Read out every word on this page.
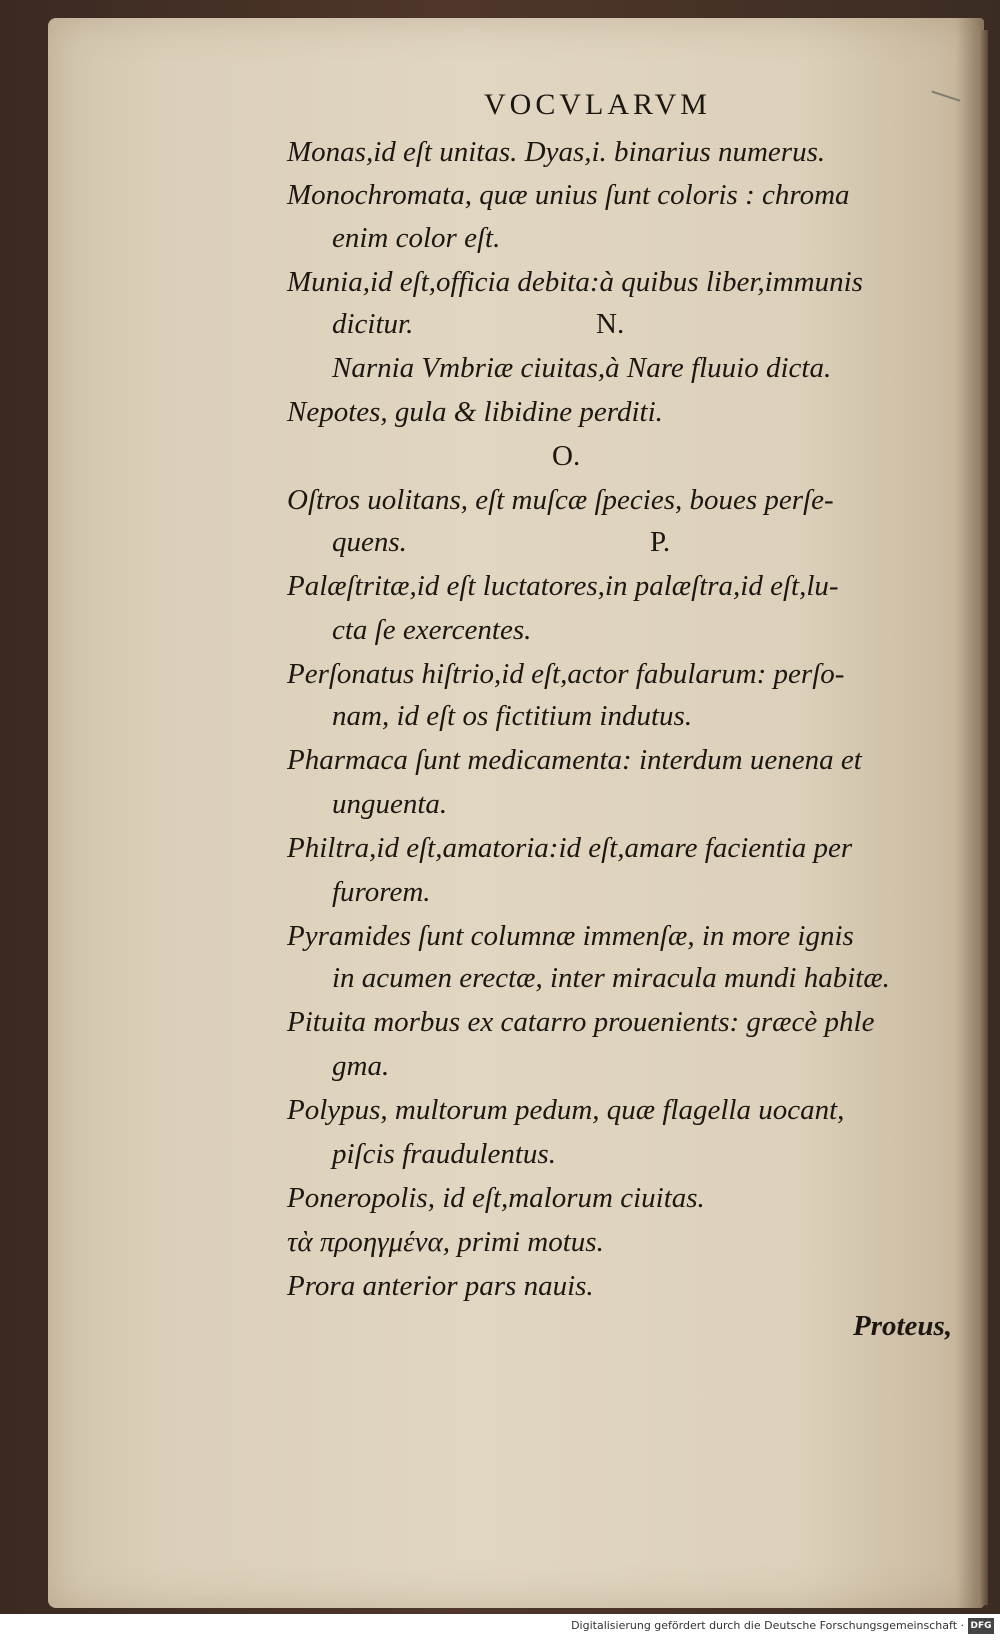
VOCVLARVM
Monas,id eſt unitas. Dyas,i. binarius numerus.
Monochromata, quæ unius ſunt coloris : chroma
enim color eſt.
Munia,id eſt,officia debita:à quibus liber,immunis
dicitur.	N.
Narnia Vmbriæ ciuitas,à Nare fluuio dicta.
Nepotes, gula & libidine perditi.
O.
Oſtros uolitans, eſt muſcæ ſpecies, boues perſe-
quens.	P.
Palæſtritæ,id eſt luctatores,in palæſtra,id eſt,lu-
cta ſe exercentes.
Perſonatus hiſtrio,id eſt,actor fabularum: perſo-
nam, id eſt os fictitium indutus.
Pharmaca ſunt medicamenta: interdum uenena et
unguenta.
Philtra,id eſt,amatoria:id eſt,amare facientia per
furorem.
Pyramides ſunt columnæ immenſæ, in more ignis
in acumen erectæ, inter miracula mundi habitæ.
Pituita morbus ex catarro prouenients: græcè phle
gma.
Polypus, multorum pedum, quæ flagella uocant,
piſcis fraudulentus.
Poneropolis, id eſt,malorum ciuitas.
τὰ προηγμένα, primi motus.
Prora anterior pars nauis.
Proteus,
Digitalisierung gefördert durch die Deutsche Forschungsgemeinschaft · DFG
